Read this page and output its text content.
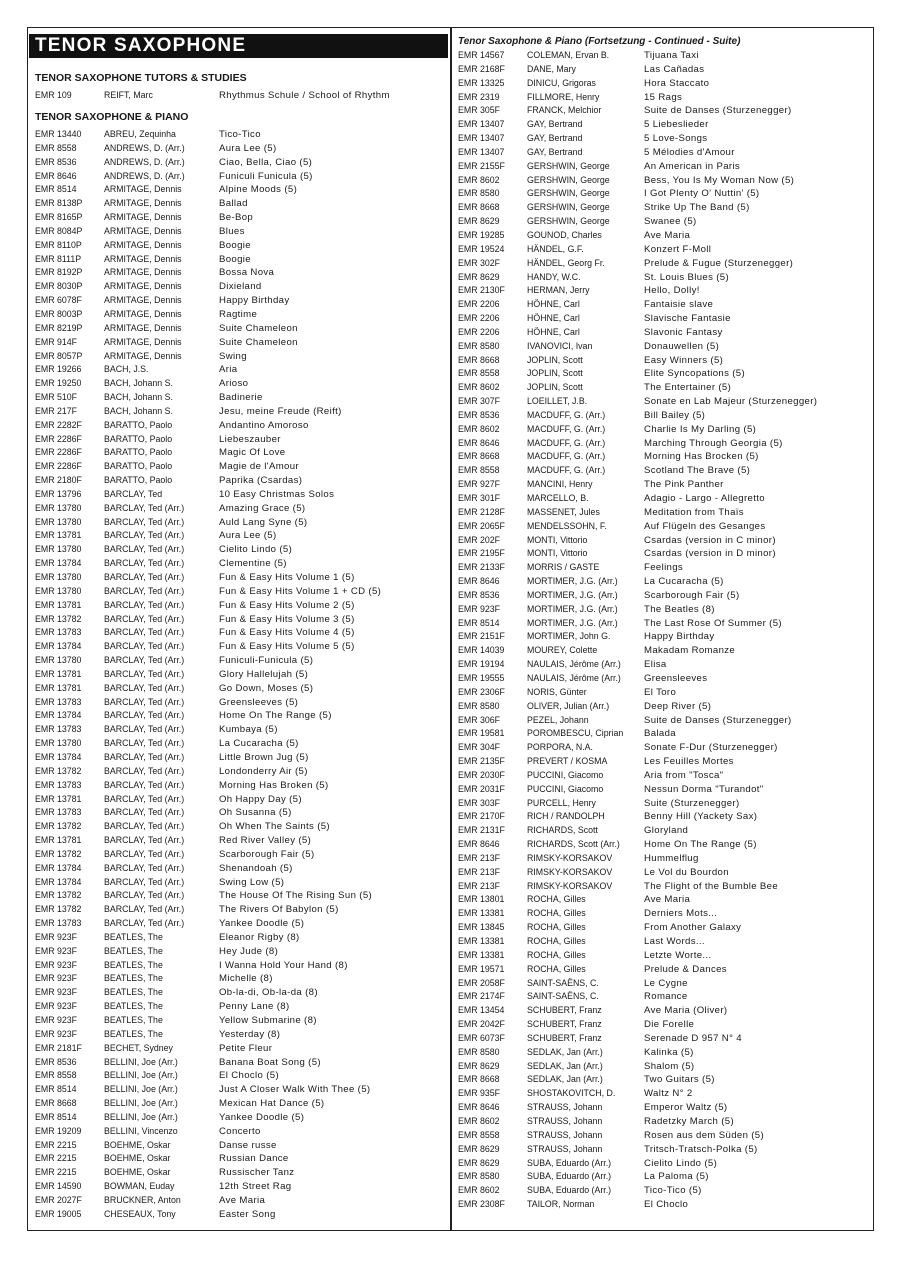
TENOR SAXOPHONE
TENOR SAXOPHONE TUTORS & STUDIES
EMR 109	REIFT, Marc	Rhythmus Schule / School of Rhythm
TENOR SAXOPHONE & PIANO
EMR 13440	ABREU, Zequinha	Tico-Tico
EMR 8558	ANDREWS, D. (Arr.)	Aura Lee (5)
EMR 8536	ANDREWS, D. (Arr.)	Ciao, Bella, Ciao (5)
EMR 8646	ANDREWS, D. (Arr.)	Funiculi Funicula (5)
EMR 8514	ARMITAGE, Dennis	Alpine Moods (5)
EMR 8138P	ARMITAGE, Dennis	Ballad
EMR 8165P	ARMITAGE, Dennis	Be-Bop
EMR 8084P	ARMITAGE, Dennis	Blues
EMR 8110P	ARMITAGE, Dennis	Boogie
EMR 8111P	ARMITAGE, Dennis	Boogie
EMR 8192P	ARMITAGE, Dennis	Bossa Nova
EMR 8030P	ARMITAGE, Dennis	Dixieland
EMR 6078F	ARMITAGE, Dennis	Happy Birthday
EMR 8003P	ARMITAGE, Dennis	Ragtime
EMR 8219P	ARMITAGE, Dennis	Suite Chameleon
EMR 914F	ARMITAGE, Dennis	Suite Chameleon
EMR 8057P	ARMITAGE, Dennis	Swing
EMR 19266	BACH, J.S.	Aria
EMR 19250	BACH, Johann S.	Arioso
EMR 510F	BACH, Johann S.	Badinerie
EMR 217F	BACH, Johann S.	Jesu, meine Freude (Reift)
EMR 2282F	BARATTO, Paolo	Andantino Amoroso
EMR 2286F	BARATTO, Paolo	Liebeszauber
EMR 2286F	BARATTO, Paolo	Magic Of Love
EMR 2286F	BARATTO, Paolo	Magie de l'Amour
EMR 2180F	BARATTO, Paolo	Paprika (Csardas)
EMR 13796	BARCLAY, Ted	10 Easy Christmas Solos
EMR 13780	BARCLAY, Ted (Arr.)	Amazing Grace (5)
EMR 13780	BARCLAY, Ted (Arr.)	Auld Lang Syne (5)
EMR 13781	BARCLAY, Ted (Arr.)	Aura Lee (5)
EMR 13780	BARCLAY, Ted (Arr.)	Cielito Lindo (5)
EMR 13784	BARCLAY, Ted (Arr.)	Clementine (5)
EMR 13780	BARCLAY, Ted (Arr.)	Fun & Easy Hits Volume 1 (5)
EMR 13780	BARCLAY, Ted (Arr.)	Fun & Easy Hits Volume 1 + CD (5)
EMR 13781	BARCLAY, Ted (Arr.)	Fun & Easy Hits Volume 2 (5)
EMR 13782	BARCLAY, Ted (Arr.)	Fun & Easy Hits Volume 3 (5)
EMR 13783	BARCLAY, Ted (Arr.)	Fun & Easy Hits Volume 4 (5)
EMR 13784	BARCLAY, Ted (Arr.)	Fun & Easy Hits Volume 5 (5)
EMR 13780	BARCLAY, Ted (Arr.)	Funiculi-Funicula (5)
EMR 13781	BARCLAY, Ted (Arr.)	Glory Hallelujah (5)
EMR 13781	BARCLAY, Ted (Arr.)	Go Down, Moses (5)
EMR 13783	BARCLAY, Ted (Arr.)	Greensleeves (5)
EMR 13784	BARCLAY, Ted (Arr.)	Home On The Range (5)
EMR 13783	BARCLAY, Ted (Arr.)	Kumbaya (5)
EMR 13780	BARCLAY, Ted (Arr.)	La Cucaracha (5)
EMR 13784	BARCLAY, Ted (Arr.)	Little Brown Jug (5)
EMR 13782	BARCLAY, Ted (Arr.)	Londonderry Air (5)
EMR 13783	BARCLAY, Ted (Arr.)	Morning Has Broken (5)
EMR 13781	BARCLAY, Ted (Arr.)	Oh Happy Day (5)
EMR 13783	BARCLAY, Ted (Arr.)	Oh Susanna (5)
EMR 13782	BARCLAY, Ted (Arr.)	Oh When The Saints (5)
EMR 13781	BARCLAY, Ted (Arr.)	Red River Valley (5)
EMR 13782	BARCLAY, Ted (Arr.)	Scarborough Fair (5)
EMR 13784	BARCLAY, Ted (Arr.)	Shenandoah (5)
EMR 13784	BARCLAY, Ted (Arr.)	Swing Low (5)
EMR 13782	BARCLAY, Ted (Arr.)	The House Of The Rising Sun (5)
EMR 13782	BARCLAY, Ted (Arr.)	The Rivers Of Babylon (5)
EMR 13783	BARCLAY, Ted (Arr.)	Yankee Doodle (5)
EMR 923F	BEATLES, The	Eleanor Rigby (8)
EMR 923F	BEATLES, The	Hey Jude (8)
EMR 923F	BEATLES, The	I Wanna Hold Your Hand (8)
EMR 923F	BEATLES, The	Michelle (8)
EMR 923F	BEATLES, The	Ob-la-di, Ob-la-da (8)
EMR 923F	BEATLES, The	Penny Lane (8)
EMR 923F	BEATLES, The	Yellow Submarine (8)
EMR 923F	BEATLES, The	Yesterday (8)
EMR 2181F	BECHET, Sydney	Petite Fleur
EMR 8536	BELLINI, Joe (Arr.)	Banana Boat Song (5)
EMR 8558	BELLINI, Joe (Arr.)	El Choclo (5)
EMR 8514	BELLINI, Joe (Arr.)	Just A Closer Walk With Thee (5)
EMR 8668	BELLINI, Joe (Arr.)	Mexican Hat Dance (5)
EMR 8514	BELLINI, Joe (Arr.)	Yankee Doodle (5)
EMR 19209	BELLINI, Vincenzo	Concerto
EMR 2215	BOEHME, Oskar	Danse russe
EMR 2215	BOEHME, Oskar	Russian Dance
EMR 2215	BOEHME, Oskar	Russischer Tanz
EMR 14590	BOWMAN, Euday	12th Street Rag
EMR 2027F	BRUCKNER, Anton	Ave Maria
EMR 19005	CHESEAUX, Tony	Easter Song
Tenor Saxophone & Piano (Fortsetzung - Continued - Suite)
EMR 14567	COLEMAN, Ervan B.	Tijuana Taxi
EMR 2168F	DANE, Mary	Las Cañadas
EMR 13325	DINICU, Grigoras	Hora Staccato
EMR 2319	FILLMORE, Henry	15 Rags
EMR 305F	FRANCK, Melchior	Suite de Danses (Sturzenegger)
EMR 13407	GAY, Bertrand	5 Liebeslieder
EMR 13407	GAY, Bertrand	5 Love-Songs
EMR 13407	GAY, Bertrand	5 Mélodies d'Amour
EMR 2155F	GERSHWIN, George	An American in Paris
EMR 8602	GERSHWIN, George	Bess, You Is My Woman Now (5)
EMR 8580	GERSHWIN, George	I Got Plenty O' Nuttin' (5)
EMR 8668	GERSHWIN, George	Strike Up The Band (5)
EMR 8629	GERSHWIN, George	Swanee (5)
EMR 19285	GOUNOD, Charles	Ave Maria
EMR 19524	HÄNDEL, G.F.	Konzert F-Moll
EMR 302F	HÄNDEL, Georg Fr.	Prelude & Fugue (Sturzenegger)
EMR 8629	HANDY, W.C.	St. Louis Blues (5)
EMR 2130F	HERMAN, Jerry	Hello, Dolly!
EMR 2206	HÖHNE, Carl	Fantaisie slave
EMR 2206	HÖHNE, Carl	Slavische Fantasie
EMR 2206	HÖHNE, Carl	Slavonic Fantasy
EMR 8580	IVANOVICI, Ivan	Donauwellen (5)
EMR 8668	JOPLIN, Scott	Easy Winners (5)
EMR 8558	JOPLIN, Scott	Elite Syncopations (5)
EMR 8602	JOPLIN, Scott	The Entertainer (5)
EMR 307F	LOEILLET, J.B.	Sonate en Lab Majeur (Sturzenegger)
EMR 8536	MACDUFF, G. (Arr.)	Bill Bailey (5)
EMR 8602	MACDUFF, G. (Arr.)	Charlie Is My Darling (5)
EMR 8646	MACDUFF, G. (Arr.)	Marching Through Georgia (5)
EMR 8668	MACDUFF, G. (Arr.)	Morning Has Brocken (5)
EMR 8558	MACDUFF, G. (Arr.)	Scotland The Brave (5)
EMR 927F	MANCINI, Henry	The Pink Panther
EMR 301F	MARCELLO, B.	Adagio - Largo - Allegretto
EMR 2128F	MASSENET, Jules	Meditation from Thaïs
EMR 2065F	MENDELSSOHN, F.	Auf Flügeln des Gesanges
EMR 202F	MONTI, Vittorio	Csardas (version in C minor)
EMR 2195F	MONTI, Vittorio	Csardas (version in D minor)
EMR 2133F	MORRIS / GASTE	Feelings
EMR 8646	MORTIMER, J.G. (Arr.)	La Cucaracha (5)
EMR 8536	MORTIMER, J.G. (Arr.)	Scarborough Fair (5)
EMR 923F	MORTIMER, J.G. (Arr.)	The Beatles (8)
EMR 8514	MORTIMER, J.G. (Arr.)	The Last Rose Of Summer (5)
EMR 2151F	MORTIMER, John G.	Happy Birthday
EMR 14039	MOUREY, Colette	Makadam Romanze
EMR 19194	NAULAIS, Jérôme (Arr.)	Elisa
EMR 19555	NAULAIS, Jérôme (Arr.)	Greensleeves
EMR 2306F	NORIS, Günter	El Toro
EMR 8580	OLIVER, Julian (Arr.)	Deep River (5)
EMR 306F	PEZEL, Johann	Suite de Danses (Sturzenegger)
EMR 19581	POROMBESCU, Ciprian	Balada
EMR 304F	PORPORA, N.A.	Sonate F-Dur (Sturzenegger)
EMR 2135F	PREVERT / KOSMA	Les Feuilles Mortes
EMR 2030F	PUCCINI, Giacomo	Aria from "Tosca"
EMR 2031F	PUCCINI, Giacomo	Nessun Dorma "Turandot"
EMR 303F	PURCELL, Henry	Suite (Sturzenegger)
EMR 2170F	RICH / RANDOLPH	Benny Hill (Yackety Sax)
EMR 2131F	RICHARDS, Scott	Gloryland
EMR 8646	RICHARDS, Scott (Arr.)	Home On The Range (5)
EMR 213F	RIMSKY-KORSAKOV	Hummelflug
EMR 213F	RIMSKY-KORSAKOV	Le Vol du Bourdon
EMR 213F	RIMSKY-KORSAKOV	The Flight of the Bumble Bee
EMR 13801	ROCHA, Gilles	Ave Maria
EMR 13381	ROCHA, Gilles	Derniers Mots...
EMR 13845	ROCHA, Gilles	From Another Galaxy
EMR 13381	ROCHA, Gilles	Last Words...
EMR 13381	ROCHA, Gilles	Letzte Worte...
EMR 19571	ROCHA, Gilles	Prelude & Dances
EMR 2058F	SAINT-SAËNS, C.	Le Cygne
EMR 2174F	SAINT-SAËNS, C.	Romance
EMR 13454	SCHUBERT, Franz	Ave Maria (Oliver)
EMR 2042F	SCHUBERT, Franz	Die Forelle
EMR 6073F	SCHUBERT, Franz	Serenade D 957 N° 4
EMR 8580	SEDLAK, Jan (Arr.)	Kalinka (5)
EMR 8629	SEDLAK, Jan (Arr.)	Shalom (5)
EMR 8668	SEDLAK, Jan (Arr.)	Two Guitars (5)
EMR 935F	SHOSTAKOVITCH, D.	Waltz N° 2
EMR 8646	STRAUSS, Johann	Emperor Waltz (5)
EMR 8602	STRAUSS, Johann	Radetzky March (5)
EMR 8558	STRAUSS, Johann	Rosen aus dem Süden (5)
EMR 8629	STRAUSS, Johann	Tritsch-Tratsch-Polka (5)
EMR 8629	SUBA, Eduardo (Arr.)	Cielito Lindo (5)
EMR 8580	SUBA, Eduardo (Arr.)	La Paloma (5)
EMR 8602	SUBA, Eduardo (Arr.)	Tico-Tico (5)
EMR 2308F	TAILOR, Norman	El Choclo
